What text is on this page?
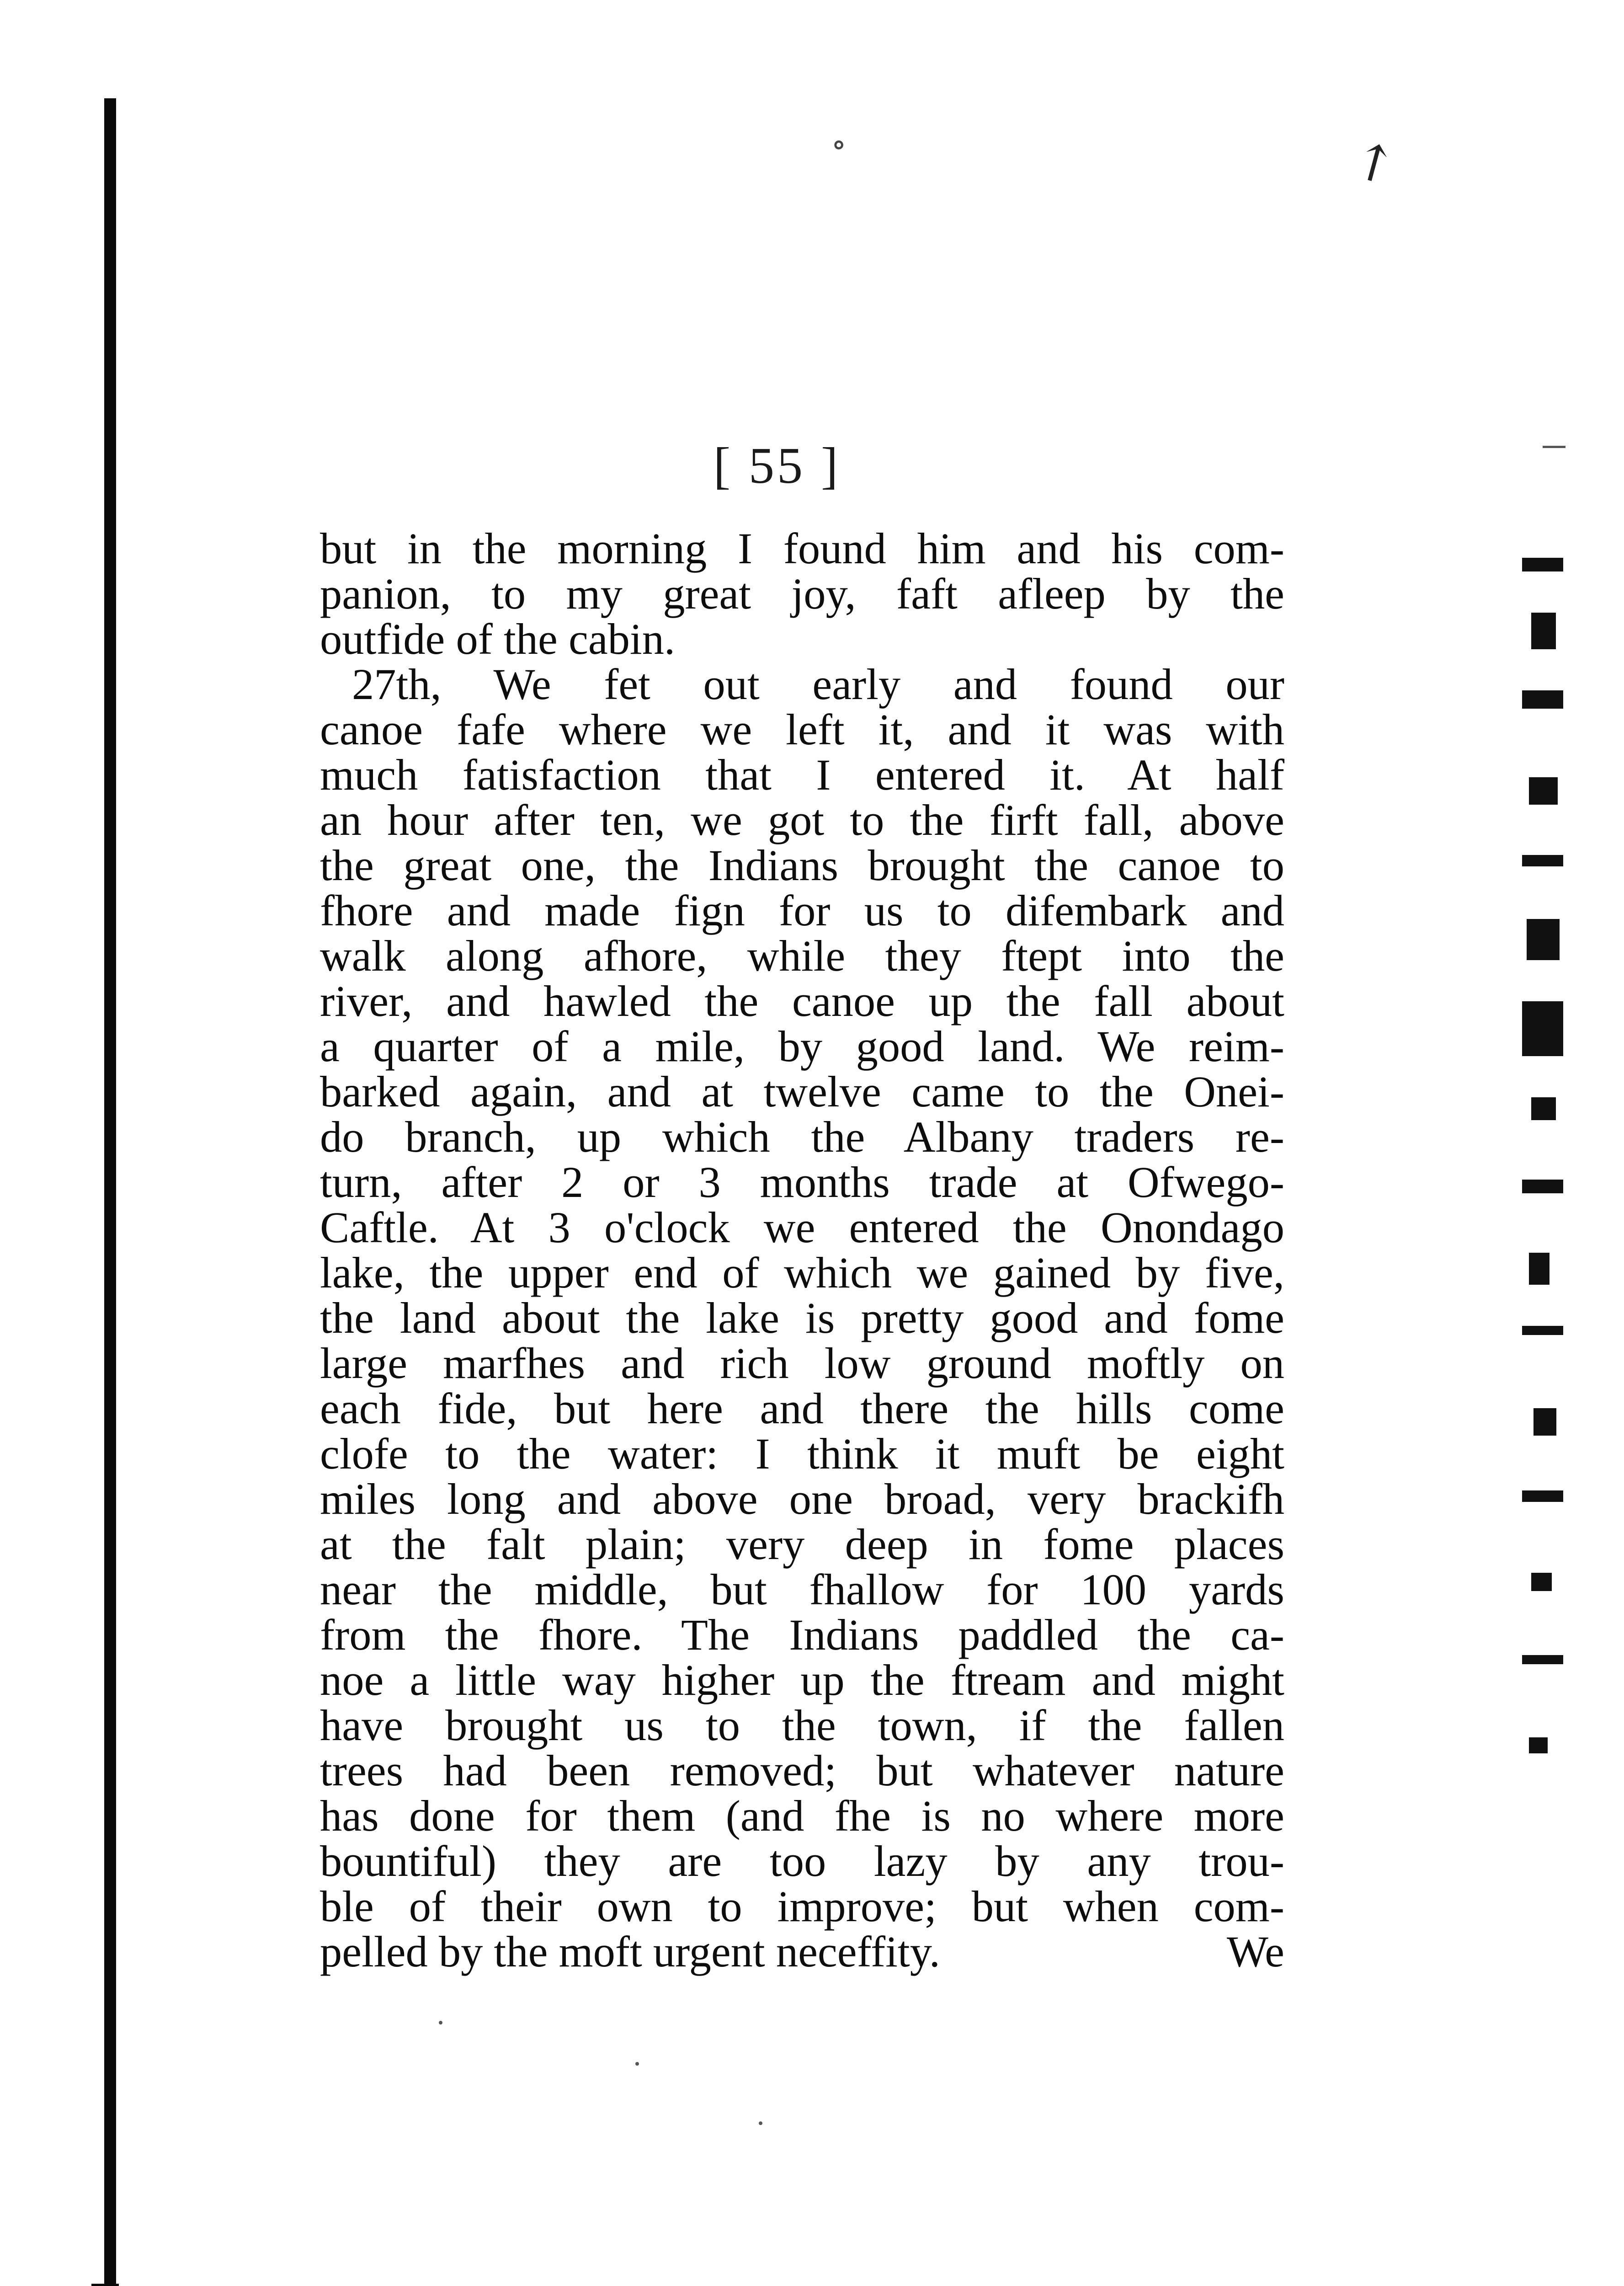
∘	↗
[ 55 ]
but in the morning I found him and his com-
panion, to my great joy, faft afleep by the
outfide of the cabin.
27th, We fet out early and found our
canoe fafe where we left it, and it was with
much fatisfaction that I entered it. At half
an hour after ten, we got to the firft fall, above
the great one, the Indians brought the canoe to
fhore and made fign for us to difembark and
walk along afhore, while they ftept into the
river, and hawled the canoe up the fall about
a quarter of a mile, by good land. We reim-
barked again, and at twelve came to the Onei-
do branch, up which the Albany traders re-
turn, after 2 or 3 months trade at Ofwego-
Caftle. At 3 o'clock we entered the Onondago
lake, the upper end of which we gained by five,
the land about the lake is pretty good and fome
large marfhes and rich low ground moftly on
each fide, but here and there the hills come
clofe to the water: I think it muft be eight
miles long and above one broad, very brackifh
at the falt plain; very deep in fome places
near the middle, but fhallow for 100 yards
from the fhore. The Indians paddled the ca-
noe a little way higher up the ftream and might
have brought us to the town, if the fallen
trees had been removed; but whatever nature
has done for them (and fhe is no where more
bountiful) they are too lazy by any trou-
ble of their own to improve; but when com-
pelled by the moft urgent neceffity.	We
